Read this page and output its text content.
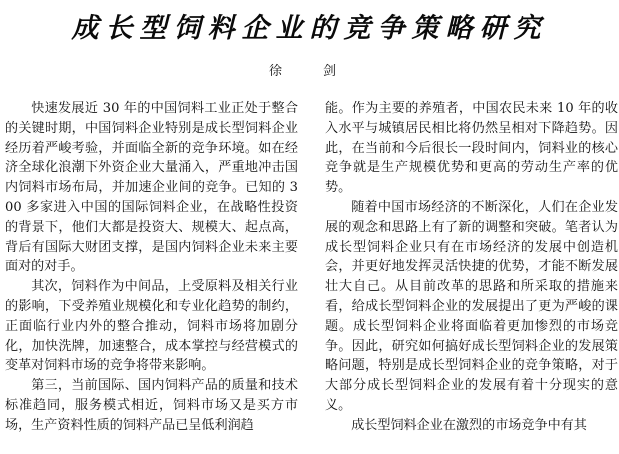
成长型饲料企业的竞争策略研究
徐　剑

快速发展近 30 年的中国饲料工业正处于整合的关键时期，中国饲料企业特别是成长型饲料企业经历着严峻考验，并面临全新的竞争环境。如在经济全球化浪潮下外资企业大量涌入，严重地冲击国内饲料市场布局，并加速企业间的竞争。已知的 300 多家进入中国的国际饲料企业，在战略性投资的背景下，他们大都是投资大、规模大、起点高，背后有国际大财团支撑，是国内饲料企业未来主要面对的对手。

其次，饲料作为中间品，上受原料及相关行业的影响，下受养殖业规模化和专业化趋势的制约，正面临行业内外的整合推动，饲料市场将加剧分化，加快洗牌，加速整合，成本掌控与经营模式的变革对饲料市场的竞争将带来影响。

第三，当前国际、国内饲料产品的质量和技术标准趋同，服务模式相近，饲料市场又是买方市场，生产资料性质的饲料产品已呈低利润趋

能。作为主要的养殖者，中国农民未来 10 年的收入水平与城镇居民相比将仍然呈相对下降趋势。因此，在当前和今后很长一段时间内，饲料业的核心竞争就是生产规模优势和更高的劳动生产率的优势。

随着中国市场经济的不断深化，人们在企业发展的观念和思路上有了新的调整和突破。笔者认为成长型饲料企业只有在市场经济的发展中创造机会，并更好地发挥灵活快捷的优势，才能不断发展壮大自己。从目前改革的思路和所采取的措施来看，给成长型饲料企业的发展提出了更为严峻的课题。成长型饲料企业将面临着更加惨烈的市场竞争。因此，研究如何搞好成长型饲料企业的发展策略问题，特别是成长型饲料企业的竞争策略，对于大部分成长型饲料企业的发展有着十分现实的意义。

成长型饲料企业在激烈的市场竞争中有其
